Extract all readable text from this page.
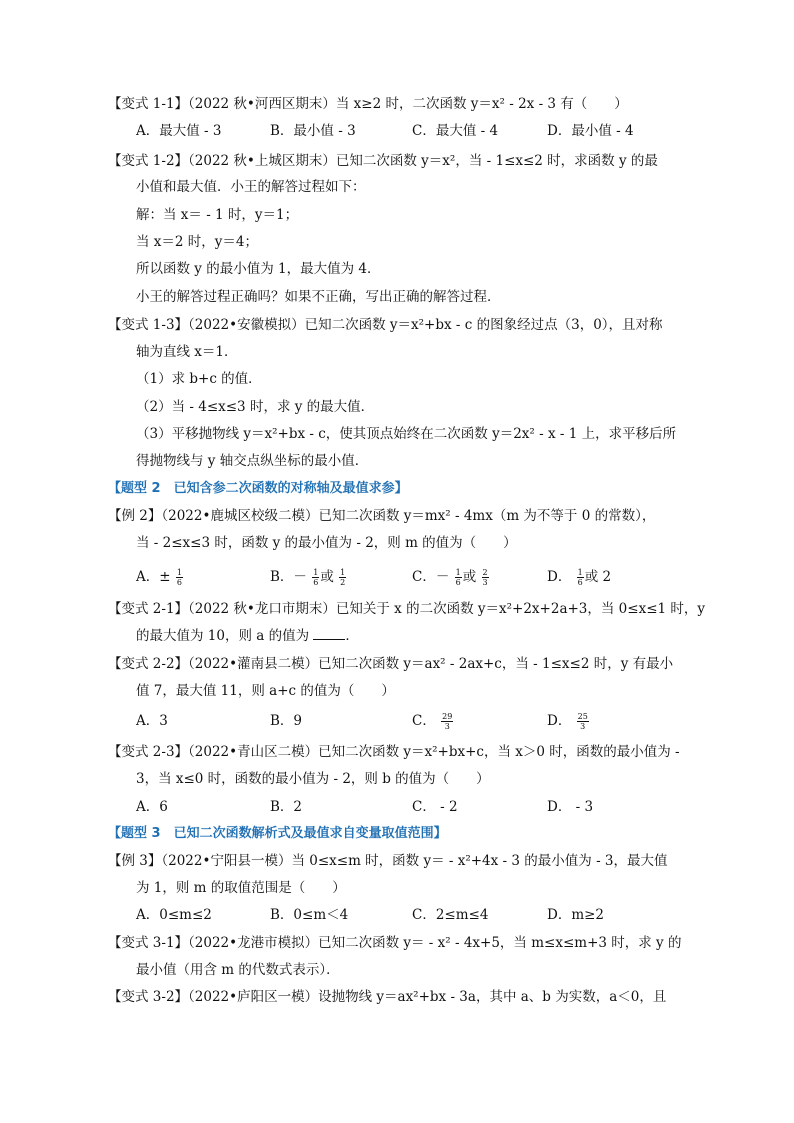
【变式 1-1】（2022 秋•河西区期末）当 x≥2 时，二次函数 y＝x² - 2x - 3 有（　　）
A．最大值 - 3	B．最小值 - 3	C．最大值 - 4	D．最小值 - 4
【变式 1-2】（2022 秋•上城区期末）已知二次函数 y＝x²，当 - 1≤x≤2 时，求函数 y 的最
小值和最大值．小王的解答过程如下：
解：当 x＝ - 1 时，y＝1；
当 x＝2 时，y＝4；
所以函数 y 的最小值为 1，最大值为 4．
小王的解答过程正确吗？如果不正确，写出正确的解答过程．
【变式 1-3】（2022•安徽模拟）已知二次函数 y＝x²+bx - c 的图象经过点（3，0），且对称
轴为直线 x＝1．
（1）求 b+c 的值．
（2）当 - 4≤x≤3 时，求 y 的最大值．
（3）平移抛物线 y＝x²+bx - c，使其顶点始终在二次函数 y＝2x² - x - 1 上，求平移后所
得抛物线与 y 轴交点纵坐标的最小值．
【题型 2　已知含参二次函数的对称轴及最值求参】
【例 2】（2022•鹿城区校级二模）已知二次函数 y＝mx² - 4mx（m 为不等于 0 的常数），
当 - 2≤x≤3 时，函数 y 的最小值为 - 2，则 m 的值为（　　）
A．± $\frac{1}{6}$	B．－ $\frac{1}{6}$ 或 $\frac{1}{2}$	C．－ $\frac{1}{6}$ 或 $\frac{2}{3}$	D． $\frac{1}{6}$ 或 2
【变式 2-1】（2022 秋•龙口市期末）已知关于 x 的二次函数 y＝x²+2x+2a+3，当 0≤x≤1 时，y
的最大值为 10，则 a 的值为	．
【变式 2-2】（2022•灌南县二模）已知二次函数 y＝ax² - 2ax+c，当 - 1≤x≤2 时，y 有最小
值 7，最大值 11，则 a+c 的值为（　　）
A．3	B．9	C． $\frac{29}{3}$	D． $\frac{25}{3}$
【变式 2-3】（2022•青山区二模）已知二次函数 y＝x²+bx+c，当 x＞0 时，函数的最小值为 -
3，当 x≤0 时，函数的最小值为 - 2，则 b 的值为（　　）
A．6	B．2	C． - 2	D． - 3
【题型 3　已知二次函数解析式及最值求自变量取值范围】
【例 3】（2022•宁阳县一模）当 0≤x≤m 时，函数 y＝ - x²+4x - 3 的最小值为 - 3，最大值
为 1，则 m 的取值范围是（　　）
A．0≤m≤2	B．0≤m＜4	C．2≤m≤4	D．m≥2
【变式 3-1】（2022•龙港市模拟）已知二次函数 y＝ - x² - 4x+5，当 m≤x≤m+3 时，求 y 的
最小值（用含 m 的代数式表示）．
【变式 3-2】（2022•庐阳区一模）设抛物线 y＝ax²+bx - 3a，其中 a、b 为实数，a＜0，且
